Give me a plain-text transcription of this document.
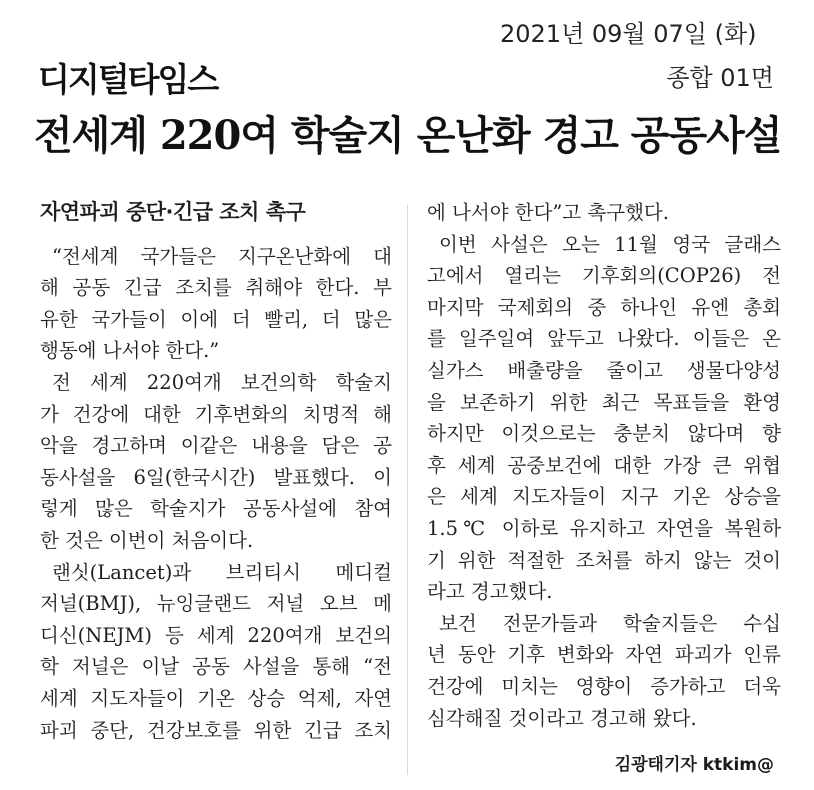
2021년 09월 07일 (화)
디지털타임스	종합 01면
전세계 220여 학술지 온난화 경고 공동사설
자연파괴 중단·긴급 조치 촉구
“전세계 국가들은 지구온난화에 대
해 공동 긴급 조치를 취해야 한다. 부
유한 국가들이 이에 더 빨리, 더 많은
행동에 나서야 한다.”
전 세계 220여개 보건의학 학술지
가 건강에 대한 기후변화의 치명적 해
악을 경고하며 이같은 내용을 담은 공
동사설을 6일(한국시간) 발표했다. 이
렇게 많은 학술지가 공동사설에 참여
한 것은 이번이 처음이다.
랜싯(Lancet)과 브리티시 메디컬
저널(BMJ), 뉴잉글랜드 저널 오브 메
디신(NEJM) 등 세계 220여개 보건의
학 저널은 이날 공동 사설을 통해 “전
세계 지도자들이 기온 상승 억제, 자연
파괴 중단, 건강보호를 위한 긴급 조치
에 나서야 한다”고 촉구했다.
이번 사설은 오는 11월 영국 글래스
고에서 열리는 기후회의(COP26) 전
마지막 국제회의 중 하나인 유엔 총회
를 일주일여 앞두고 나왔다. 이들은 온
실가스 배출량을 줄이고 생물다양성
을 보존하기 위한 최근 목표들을 환영
하지만 이것으로는 충분치 않다며 향
후 세계 공중보건에 대한 가장 큰 위협
은 세계 지도자들이 지구 기온 상승을
1.5℃ 이하로 유지하고 자연을 복원하
기 위한 적절한 조처를 하지 않는 것이
라고 경고했다.
보건 전문가들과 학술지들은 수십
년 동안 기후 변화와 자연 파괴가 인류
건강에 미치는 영향이 증가하고 더욱
심각해질 것이라고 경고해 왔다.
김광태기자 ktkim@
